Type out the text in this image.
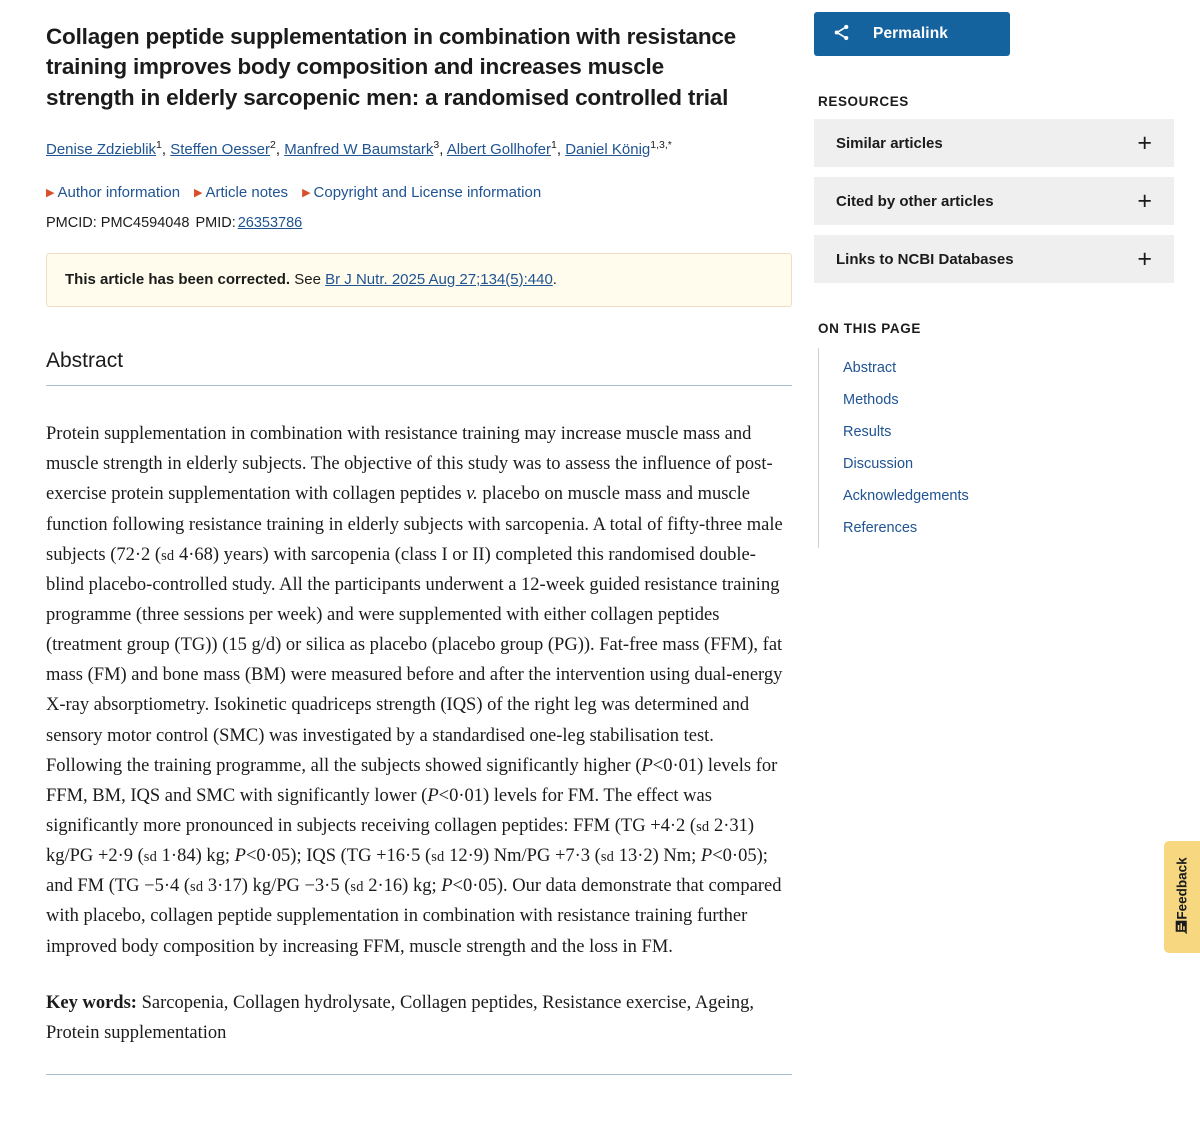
Collagen peptide supplementation in combination with resistance training improves body composition and increases muscle strength in elderly sarcopenic men: a randomised controlled trial
Denise Zdzieblik$^1$, Steffen Oesser$^2$, Manfred W Baumstark$^3$, Albert Gollhofer$^1$, Daniel König$^{1,3,*}$
▶ Author information ▶ Article notes ▶ Copyright and License information
PMCID: PMC4594048 PMID: 26353786
This article has been corrected. See Br J Nutr. 2025 Aug 27;134(5):440.
Abstract

Protein supplementation in combination with resistance training may increase muscle mass and muscle strength in elderly subjects. The objective of this study was to assess the influence of post-exercise protein supplementation with collagen peptides v. placebo on muscle mass and muscle function following resistance training in elderly subjects with sarcopenia. A total of fifty-three male subjects (72·2 (sd 4·68) years) with sarcopenia (class I or II) completed this randomised double-blind placebo-controlled study. All the participants underwent a 12-week guided resistance training programme (three sessions per week) and were supplemented with either collagen peptides (treatment group (TG)) (15 g/d) or silica as placebo (placebo group (PG)). Fat-free mass (FFM), fat mass (FM) and bone mass (BM) were measured before and after the intervention using dual-energy X-ray absorptiometry. Isokinetic quadriceps strength (IQS) of the right leg was determined and sensory motor control (SMC) was investigated by a standardised one-leg stabilisation test. Following the training programme, all the subjects showed significantly higher (P<0·01) levels for FFM, BM, IQS and SMC with significantly lower (P<0·01) levels for FM. The effect was significantly more pronounced in subjects receiving collagen peptides: FFM (TG +4·2 (sd 2·31) kg/PG +2·9 (sd 1·84) kg; P<0·05); IQS (TG +16·5 (sd 12·9) Nm/PG +7·3 (sd 13·2) Nm; P<0·05); and FM (TG −5·4 (sd 3·17) kg/PG −3·5 (sd 2·16) kg; P<0·05). Our data demonstrate that compared with placebo, collagen peptide supplementation in combination with resistance training further improved body composition by increasing FFM, muscle strength and the loss in FM.

Key words: Sarcopenia, Collagen hydrolysate, Collagen peptides, Resistance exercise, Ageing, Protein supplementation

Permalink
RESOURCES
Similar articles	+
Cited by other articles	+
Links to NCBI Databases	+
ON THIS PAGE
Abstract
Methods
Results
Discussion
Acknowledgements
References
Feedback
